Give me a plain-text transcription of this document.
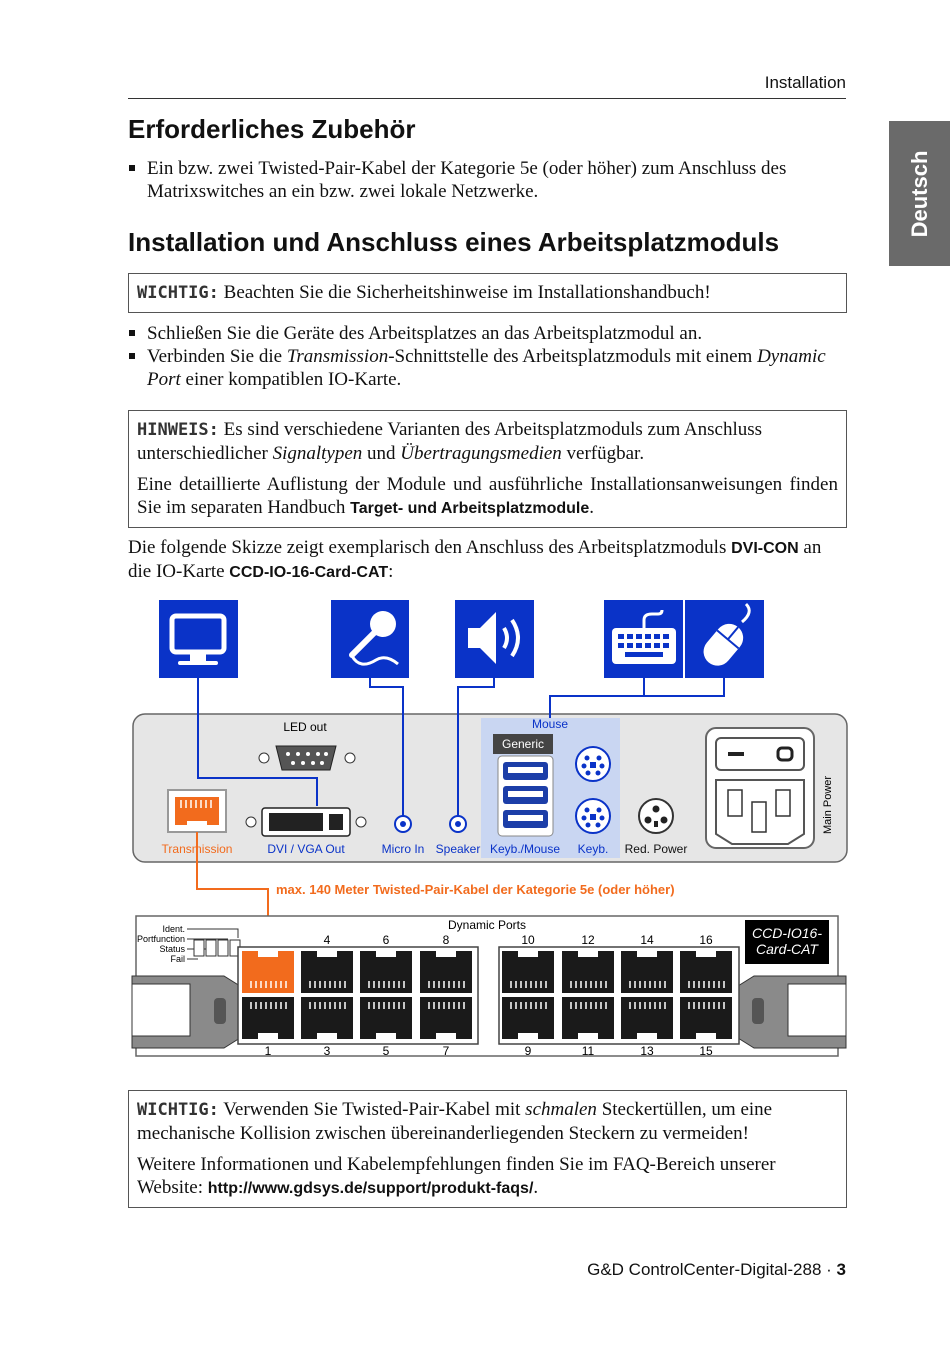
Installation
Deutsch
Erforderliches Zubehör
Ein bzw. zwei Twisted-Pair-Kabel der Kategorie 5e (oder höher) zum Anschluss des Matrixswitches an ein bzw. zwei lokale Netzwerke.
Installation und Anschluss eines Arbeitsplatzmoduls

WICHTIG: Beachten Sie die Sicherheitshinweise im Installationshandbuch!

Schließen Sie die Geräte des Arbeitsplatzes an das Arbeitsplatzmodul an.
Verbinden Sie die Transmission-Schnittstelle des Arbeitsplatzmoduls mit einem Dynamic Port einer kompatiblen IO-Karte.

HINWEIS: Es sind verschiedene Varianten des Arbeitsplatzmoduls zum Anschluss unterschiedlicher Signaltypen und Übertragungsmedien verfügbar.

Eine detaillierte Auflistung der Module und ausführliche Installationsanweisungen finden Sie im separaten Handbuch Target- und Arbeitsplatzmodule.

Die folgende Skizze zeigt exemplarisch den Anschluss des Arbeitsplatzmoduls DVI-CON an die IO-Karte CCD-IO-16-Card-CAT:

LED out	Mouse
Generic
Main Power
Transmission	DVI / VGA Out	Micro In Speaker Keyb./Mouse Keyb. Red. Power
max. 140 Meter Twisted-Pair-Kabel der Kategorie 5e (oder höher)
Ident.
Portfunction
Status
Fail
CCD-IO16-
Card-CAT
Dynamic Ports
4	6	8	10	12	14	16
1	3	5	7	9	11	13	15

WICHTIG: Verwenden Sie Twisted-Pair-Kabel mit schmalen Steckertüllen, um eine mechanische Kollision zwischen übereinanderliegenden Steckern zu vermeiden!

Weitere Informationen und Kabelempfehlungen finden Sie im FAQ-Bereich unserer Website: http://www.gdsys.de/support/produkt-faqs/.

G&D ControlCenter-Digital-288 · 3
